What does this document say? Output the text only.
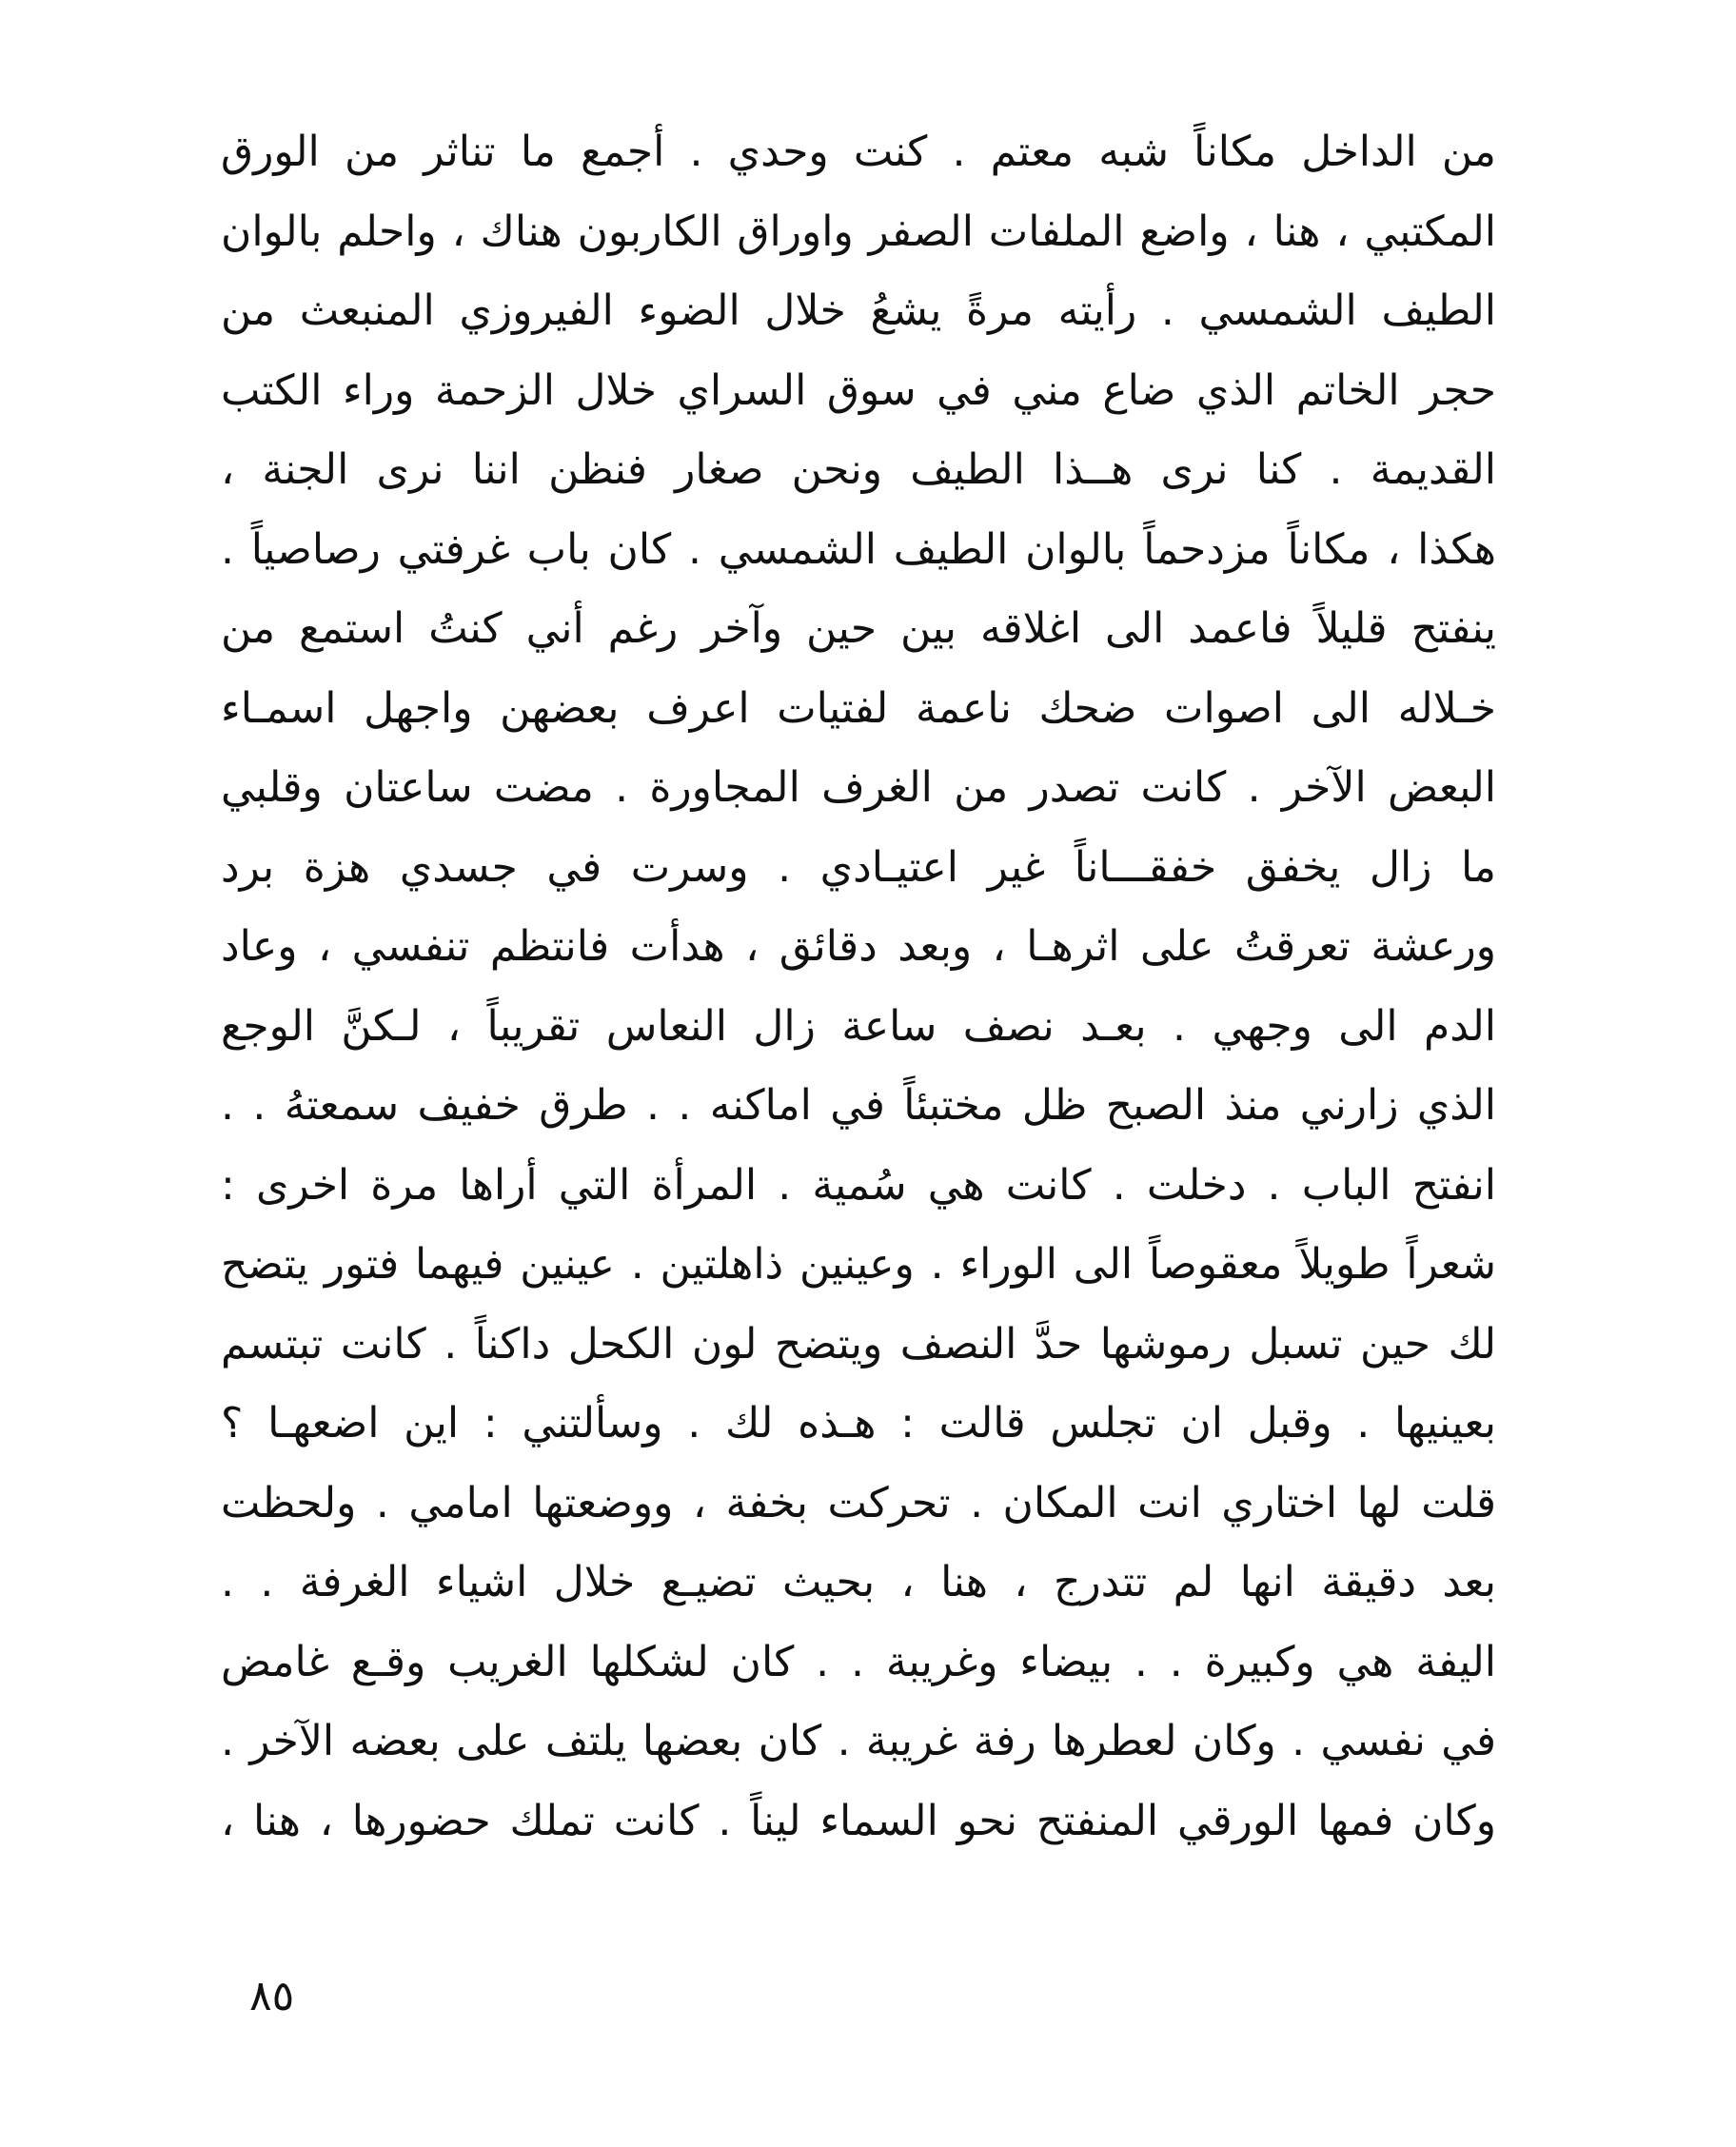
من الداخل مكاناً شبه معتم . كنت وحدي . أجمع ما تناثر من الورق
المكتبي ، هنا ، واضع الملفات الصفر واوراق الكاربون هناك ، واحلم بالوان
الطيف الشمسي . رأيته مرةً يشعُ خلال الضوء الفيروزي المنبعث من
حجر الخاتم الذي ضاع مني في سوق السراي خلال الزحمة وراء الكتب
القديمة . كنا نرى هــذا الطيف ونحن صغار فنظن اننا نرى الجنة ،
هكذا ، مكاناً مزدحماً بالوان الطيف الشمسي . كان باب غرفتي رصاصياً .
ينفتح قليلاً فاعمد الى اغلاقه بين حين وآخر رغم أني كنتُ استمع من
خـلاله الى اصوات ضحك ناعمة لفتيات اعرف بعضهن واجهل اسمـاء
البعض الآخر . كانت تصدر من الغرف المجاورة . مضت ساعتان وقلبي
ما زال يخفق خفقـــاناً غير اعتيـادي . وسرت في جسدي هزة برد
ورعشة تعرقتُ على اثرهـا ، وبعد دقائق ، هدأت فانتظم تنفسي ، وعاد
الدم الى وجهي . بعـد نصف ساعة زال النعاس تقريباً ، لـكنَّ الوجع
الذي زارني منذ الصبح ظل مختبئاً في اماكنه . . طرق خفيف سمعتهُ . .
انفتح الباب . دخلت . كانت هي سُمية . المرأة التي أراها مرة اخرى :
شعراً طويلاً معقوصاً الى الوراء . وعينين ذاهلتين . عينين فيهما فتور يتضح
لك حين تسبل رموشها حدَّ النصف ويتضح لون الكحل داكناً . كانت تبتسم
بعينيها . وقبل ان تجلس قالت : هـذه لك . وسألتني : اين اضعهـا ؟
قلت لها اختاري انت المكان . تحركت بخفة ، ووضعتها امامي . ولحظت
بعد دقيقة انها لم تتدرج ، هنا ، بحيث تضيـع خلال اشياء الغرفة . .
اليفة هي وكبيرة . . بيضاء وغريبة . . كان لشكلها الغريب وقـع غامض
في نفسي . وكان لعطرها رفة غريبة . كان بعضها يلتف على بعضه الآخر .
وكان فمها الورقي المنفتح نحو السماء ليناً . كانت تملك حضورها ، هنا ،
٨٥
